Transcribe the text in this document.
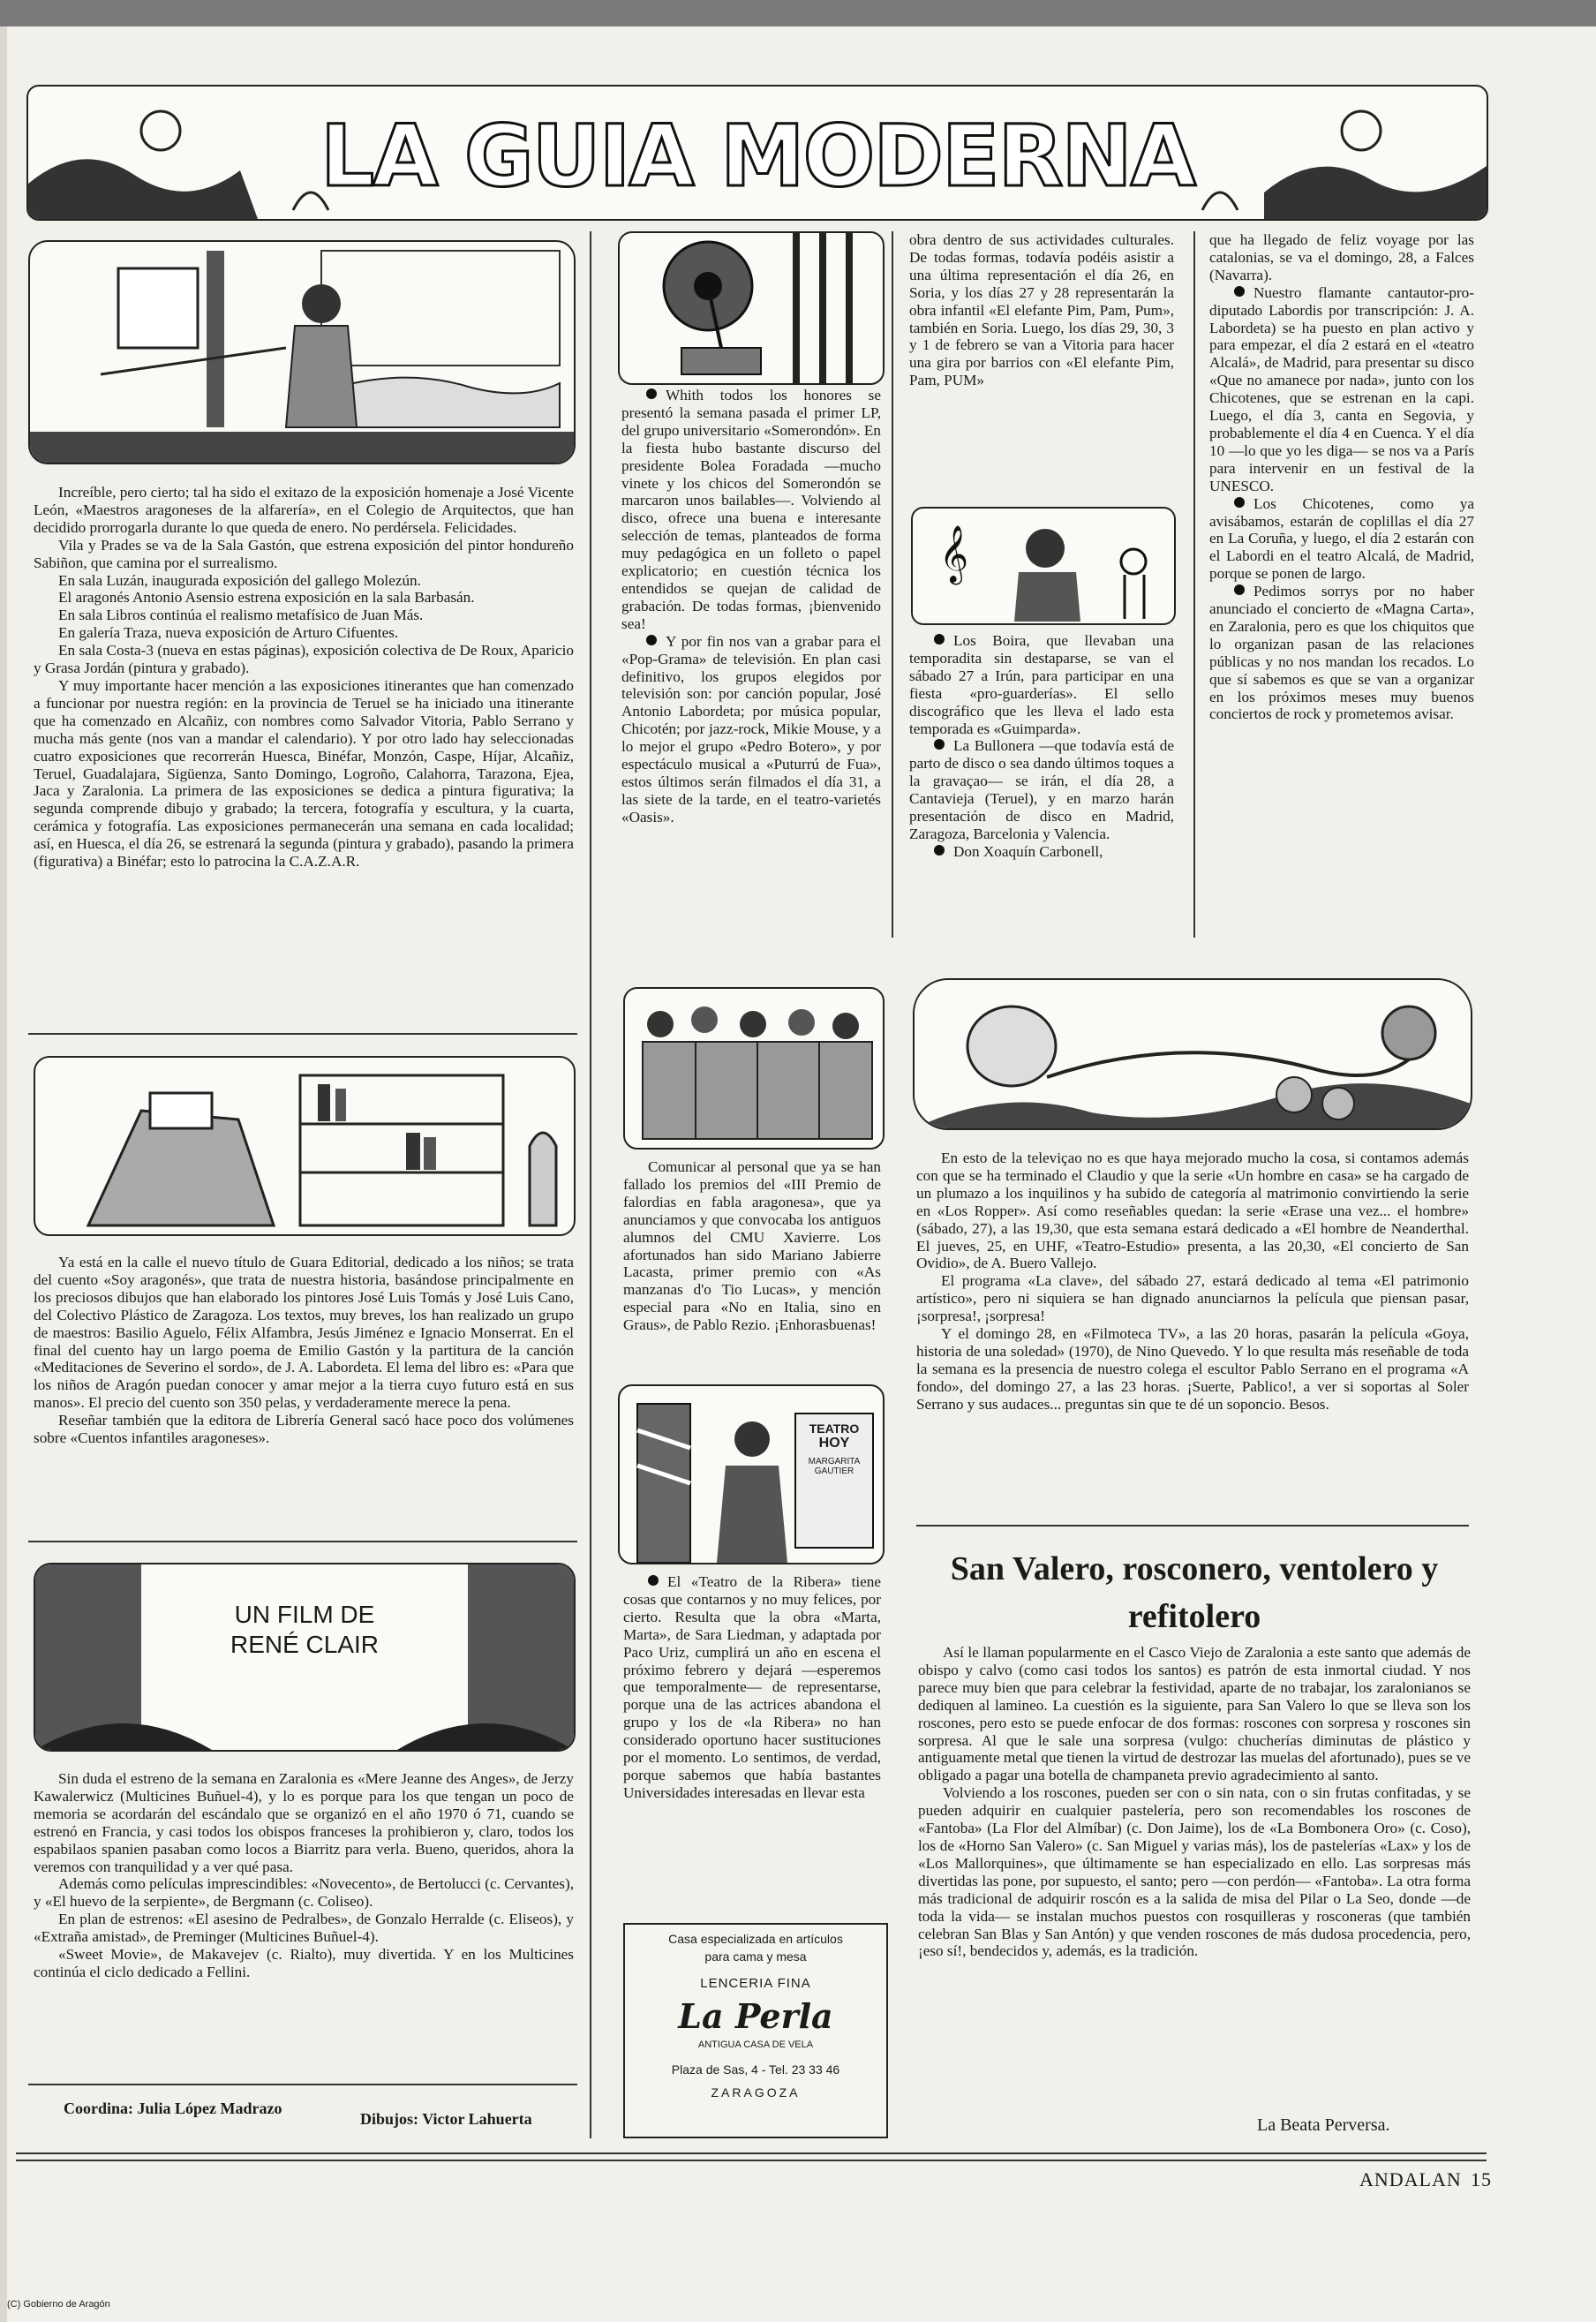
LA GUIA MODERNA

Increíble, pero cierto; tal ha sido el exitazo de la exposición homenaje a José Vicente León, «Maestros aragoneses de la alfarería», en el Colegio de Arquitectos, que han decidido prorrogarla durante lo que queda de enero. No perdérsela. Felicidades.

Vila y Prades se va de la Sala Gastón, que estrena exposición del pintor hondureño Sabiñon, que camina por el surrealismo.

En sala Luzán, inaugurada exposición del gallego Molezún.

El aragonés Antonio Asensio estrena exposición en la sala Barbasán.

En sala Libros continúa el realismo metafísico de Juan Más.

En galería Traza, nueva exposición de Arturo Cifuentes.

En sala Costa-3 (nueva en estas páginas), exposición colectiva de De Roux, Aparicio y Grasa Jordán (pintura y grabado).

Y muy importante hacer mención a las exposiciones itinerantes que han comenzado a funcionar por nuestra región: en la provincia de Teruel se ha iniciado una itinerante que ha comenzado en Alcañiz, con nombres como Salvador Vitoria, Pablo Serrano y mucha más gente (nos van a mandar el calendario). Y por otro lado hay seleccionadas cuatro exposiciones que recorrerán Huesca, Binéfar, Monzón, Caspe, Híjar, Alcañiz, Teruel, Guadalajara, Sigüenza, Santo Domingo, Logroño, Calahorra, Tarazona, Ejea, Jaca y Zaralonia. La primera de las exposiciones se dedica a pintura figurativa; la segunda comprende dibujo y grabado; la tercera, fotografía y escultura, y la cuarta, cerámica y fotografía. Las exposiciones permanecerán una semana en cada localidad; así, en Huesca, el día 26, se estrenará la segunda (pintura y grabado), pasando la primera (figurativa) a Binéfar; esto lo patrocina la C.A.Z.A.R.

Ya está en la calle el nuevo título de Guara Editorial, dedicado a los niños; se trata del cuento «Soy aragonés», que trata de nuestra historia, basándose principalmente en los preciosos dibujos que han elaborado los pintores José Luis Tomás y José Luis Cano, del Colectivo Plástico de Zaragoza. Los textos, muy breves, los han realizado un grupo de maestros: Basilio Aguelo, Félix Alfambra, Jesús Jiménez e Ignacio Monserrat. En el final del cuento hay un largo poema de Emilio Gastón y la partitura de la canción «Meditaciones de Severino el sordo», de J. A. Labordeta. El lema del libro es: «Para que los niños de Aragón puedan conocer y amar mejor a la tierra cuyo futuro está en sus manos». El precio del cuento son 350 pelas, y verdaderamente merece la pena.

Reseñar también que la editora de Librería General sacó hace poco dos volúmenes sobre «Cuentos infantiles aragoneses».

UN FILM DE RENÉ CLAIR

Sin duda el estreno de la semana en Zaralonia es «Mere Jeanne des Anges», de Jerzy Kawalerwicz (Multicines Buñuel-4), y lo es porque para los que tengan un poco de memoria se acordarán del escándalo que se organizó en el año 1970 ó 71, cuando se estrenó en Francia, y casi todos los obispos franceses la prohibieron y, claro, todos los espabilaos spanien pasaban como locos a Biarritz para verla. Bueno, queridos, ahora la veremos con tranquilidad y a ver qué pasa.

Además como películas imprescindibles: «Novecento», de Bertolucci (c. Cervantes), y «El huevo de la serpiente», de Bergmann (c. Coliseo).

En plan de estrenos: «El asesino de Pedralbes», de Gonzalo Herralde (c. Eliseos), y «Extraña amistad», de Preminger (Multicines Buñuel-4).

«Sweet Movie», de Makavejev (c. Rialto), muy divertida. Y en los Multicines continúa el ciclo dedicado a Fellini.

Coordina: Julia López Madrazo
Dibujos: Victor Lahuerta

Whith todos los honores se presentó la semana pasada el primer LP, del grupo universitario «Somerondón». En la fiesta hubo bastante discurso del presidente Bolea Foradada —mucho vinete y los chicos del Somerondón se marcaron unos bailables—. Volviendo al disco, ofrece una buena e interesante selección de temas, planteados de forma muy pedagógica en un folleto o papel explicatorio; en cuestión técnica los entendidos se quejan de calidad de grabación. De todas formas, ¡bienvenido sea!

Y por fin nos van a grabar para el «Pop-Grama» de televisión. En plan casi definitivo, los grupos elegidos por televisión son: por canción popular, José Antonio Labordeta; por música popular, Chicotén; por jazz-rock, Mikie Mouse, y a lo mejor el grupo «Pedro Botero», y por espectáculo musical a «Puturrú de Fua», estos últimos serán filmados el día 31, a las siete de la tarde, en el teatro-varietés «Oasis».

Comunicar al personal que ya se han fallado los premios del «III Premio de falordias en fabla aragonesa», que ya anunciamos y que convocaba los antiguos alumnos del CMU Xavierre. Los afortunados han sido Mariano Jabierre Lacasta, primer premio con «As manzanas d'o Tio Lucas», y mención especial para «No en Italia, sino en Graus», de Pablo Rezio. ¡Enhorasbuenas!

TEATRO
HOY
MARGARITA GAUTIER

El «Teatro de la Ribera» tiene cosas que contarnos y no muy felices, por cierto. Resulta que la obra «Marta, Marta», de Sara Liedman, y adaptada por Paco Uriz, cumplirá un año en escena el próximo febrero y dejará —esperemos que temporalmente— de representarse, porque una de las actrices abandona el grupo y los de «la Ribera» no han considerado oportuno hacer sustituciones por el momento. Lo sentimos, de verdad, porque sabemos que había bastantes Universidades interesadas en llevar esta

Casa especializada en artículos
para cama y mesa
LENCERIA FINA
La Perla
ANTIGUA CASA DE VELA
Plaza de Sas, 4 - Tel. 23 33 46
ZARAGOZA

obra dentro de sus actividades culturales. De todas formas, todavía podéis asistir a una última representación el día 26, en Soria, y los días 27 y 28 representarán la obra infantil «El elefante Pim, Pam, Pum», también en Soria. Luego, los días 29, 30, 3 y 1 de febrero se van a Vitoria para hacer una gira por barrios con «El elefante Pim, Pam, PUM»

𝄞

Los Boira, que llevaban una temporadita sin destaparse, se van el sábado 27 a Irún, para participar en una fiesta «pro-guarderías». El sello discográfico que les lleva el lado esta temporada es «Guimparda».

La Bullonera —que todavía está de parto de disco o sea dando últimos toques a la gravaçao— se irán, el día 28, a Cantavieja (Teruel), y en marzo harán presentación de disco en Madrid, Zaragoza, Barcelonia y Valencia.

Don Xoaquín Carbonell,

que ha llegado de feliz voyage por las catalonias, se va el domingo, 28, a Falces (Navarra).

Nuestro flamante cantautor-pro-diputado Labordis por transcripción: J. A. Labordeta) se ha puesto en plan activo y para empezar, el día 2 estará en el «teatro Alcalá», de Madrid, para presentar su disco «Que no amanece por nada», junto con los Chicotenes, que se estrenan en la capi. Luego, el día 3, canta en Segovia, y probablemente el día 4 en Cuenca. Y el día 10 —lo que yo les diga— se nos va a París para intervenir en un festival de la UNESCO.

Los Chicotenes, como ya avisábamos, estarán de coplillas el día 27 en La Coruña, y luego, el día 2 estarán con el Labordi en el teatro Alcalá, de Madrid, porque se ponen de largo.

Pedimos sorrys por no haber anunciado el concierto de «Magna Carta», en Zaralonia, pero es que los chiquitos que lo organizan pasan de las relaciones públicas y no nos mandan los recados. Lo que sí sabemos es que se van a organizar en los próximos meses muy buenos conciertos de rock y prometemos avisar.

En esto de la televiçao no es que haya mejorado mucho la cosa, si contamos además con que se ha terminado el Claudio y que la serie «Un hombre en casa» se ha cargado de un plumazo a los inquilinos y ha subido de categoría al matrimonio convirtiendo la serie en «Los Ropper». Así como reseñables quedan: la serie «Erase una vez... el hombre» (sábado, 27), a las 19,30, que esta semana estará dedicado a «El hombre de Neanderthal. El jueves, 25, en UHF, «Teatro-Estudio» presenta, a las 20,30, «El concierto de San Ovidio», de A. Buero Vallejo.

El programa «La clave», del sábado 27, estará dedicado al tema «El patrimonio artístico», pero ni siquiera se han dignado anunciarnos la película que piensan pasar, ¡sorpresa!, ¡sorpresa!

Y el domingo 28, en «Filmoteca TV», a las 20 horas, pasarán la película «Goya, historia de una soledad» (1970), de Nino Quevedo. Y lo que resulta más reseñable de toda la semana es la presencia de nuestro colega el escultor Pablo Serrano en el programa «A fondo», del domingo 27, a las 23 horas. ¡Suerte, Pablico!, a ver si soportas al Soler Serrano y sus audaces... preguntas sin que te dé un soponcio. Besos.

San Valero, rosconero, ventolero y refitolero

Así le llaman popularmente en el Casco Viejo de Zaralonia a este santo que además de obispo y calvo (como casi todos los santos) es patrón de esta inmortal ciudad. Y nos parece muy bien que para celebrar la festividad, aparte de no trabajar, los zaralonianos se dediquen al lamineo. La cuestión es la siguiente, para San Valero lo que se lleva son los roscones, pero esto se puede enfocar de dos formas: roscones con sorpresa y roscones sin sorpresa. Al que le sale una sorpresa (vulgo: chucherías diminutas de plástico y antiguamente metal que tienen la virtud de destrozar las muelas del afortunado), pues se ve obligado a pagar una botella de champaneta previo agradecimiento al santo.

Volviendo a los roscones, pueden ser con o sin nata, con o sin frutas confitadas, y se pueden adquirir en cualquier pastelería, pero son recomendables los roscones de «Fantoba» (La Flor del Almíbar) (c. Don Jaime), los de «La Bombonera Oro» (c. Coso), los de «Horno San Valero» (c. San Miguel y varias más), los de pastelerías «Lax» y los de «Los Mallorquines», que últimamente se han especializado en ello. Las sorpresas más divertidas las pone, por supuesto, el santo; pero —con perdón— «Fantoba». La otra forma más tradicional de adquirir roscón es a la salida de misa del Pilar o La Seo, donde —de toda la vida— se instalan muchos puestos con rosquilleras y rosconeras (que también celebran San Blas y San Antón) y que venden roscones de más dudosa procedencia, pero, ¡eso sí!, bendecidos y, además, es la tradición.

La Beata Perversa.
ANDALAN 15
(C) Gobierno de Aragón
